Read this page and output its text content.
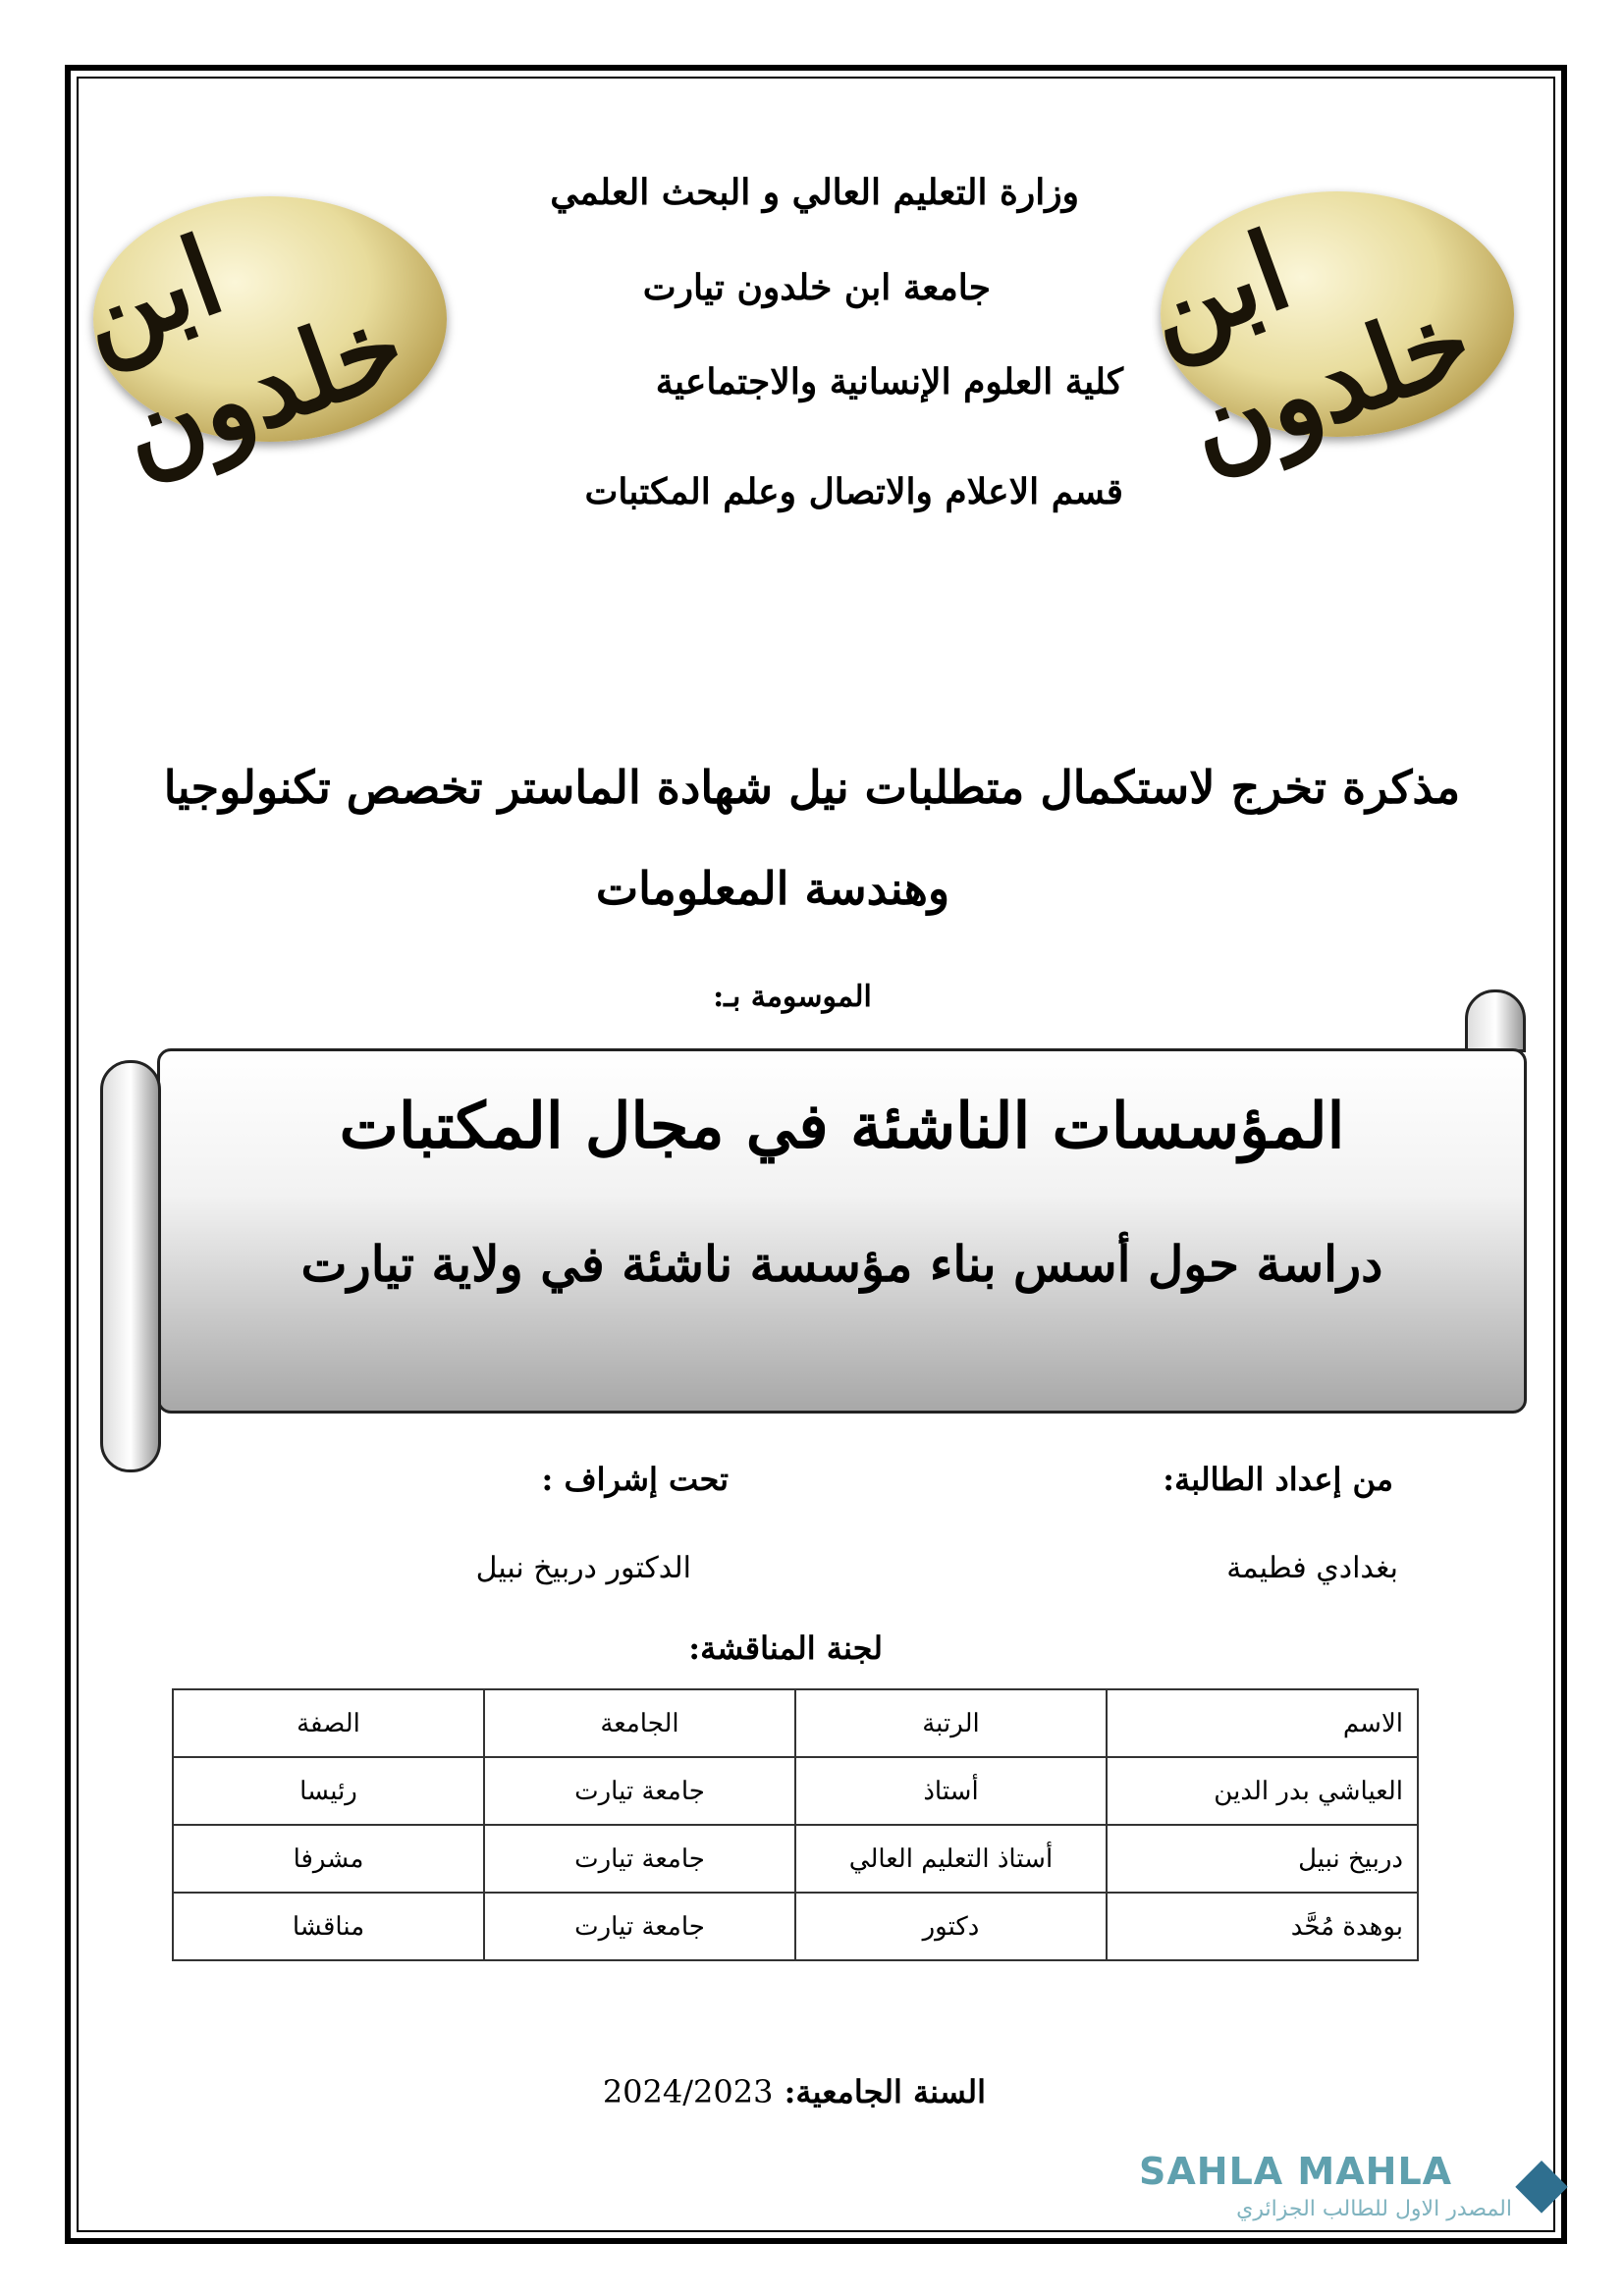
ابن خلدون	ابن خلدون
وزارة التعليم العالي و البحث العلمي
جامعة ابن خلدون تيارت
كلية العلوم الإنسانية والاجتماعية
قسم الاعلام والاتصال وعلم المكتبات
مذكرة تخرج لاستكمال متطلبات نيل شهادة الماستر تخصص تكنولوجيا
وهندسة المعلومات
الموسومة بـ:
المؤسسات الناشئة في مجال المكتبات
دراسة حول أسس بناء مؤسسة ناشئة في ولاية تيارت
من إعداد الطالبة:
تحت إشراف :
بغدادي فطيمة
الدكتور دربيخ نبيل
لجنة المناقشة:
الاسم	الرتبة	الجامعة	الصفة
العياشي بدر الدين	أستاذ	جامعة تيارت	رئيسا
دربيخ نبيل	أستاذ التعليم العالي	جامعة تيارت	مشرفا
بوهدة مُحَّد	دكتور	جامعة تيارت	مناقشا
السنة الجامعية: 2024/2023
SAHLA MAHLA
المصدر الاول للطالب الجزائري ◆
